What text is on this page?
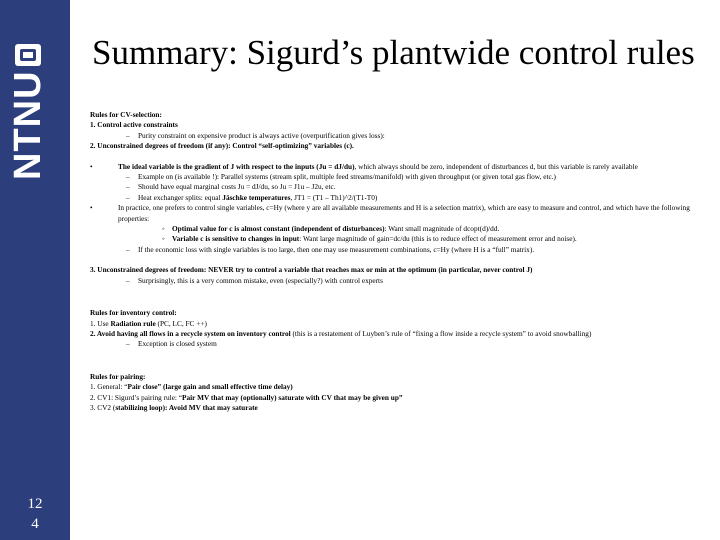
NTNU
12
4
Summary: Sigurd’s plantwide control rules

Rules for CV-selection:

1. Control active constraints

– Purity constraint on expensive product is always active (overpurification gives loss):

2. Unconstrained degrees of freedom (if any): Control “self-optimizing” variables (c).

•	The ideal variable is the gradient of J with respect to the inputs (Ju = dJ/du), which always should be zero, independent of disturbances d, but this variable is rarely available

– Example on (is available !): Parallel systems (stream split, multiple feed streams/manifold) with given throughput (or given total gas flow, etc.)

– Should have equal marginal costs Ju = dJ/du, so Ju = J1u – J2u, etc.

– Heat exchanger splits: equal Jäschke temperatures, JT1 = (T1 – Th1)^2/(T1-T0)

•	In practice, one prefers to control single variables, c=Hy (where y are all available measurements and H is a selection matrix), which are easy to measure and control, and which have the following properties:

◦ Optimal value for c is almost constant (independent of disturbances): Want small magnitude of dcopt(d)/dd.

◦ Variable c is sensitive to changes in input: Want large magnitude of gain=dc/du (this is to reduce effect of measurement error and noise).

– If the economic loss with single variables is too large, then one may use measurement combinations, c=Hy (where H is a “full” matrix).

3. Unconstrained degrees of freedom: NEVER try to control a variable that reaches max or min at the optimum (in particular, never control J)

– Surprisingly, this is a very common mistake, even (especially?) with control experts

Rules for inventory control:

1. Use Radiation rule (PC, LC, FC ++)

2. Avoid having all flows in a recycle system on inventory control (this is a restatement of Luyben’s rule of “fixing a flow inside a recycle system” to avoid snowballing)

– Exception is closed system

Rules for pairing:

1. General: “Pair close” (large gain and small effective time delay)

2. CV1: Sigurd’s pairing rule: “Pair MV that may (optionally) saturate with CV that may be given up”

3. CV2 (stabilizing loop): Avoid MV that may saturate
